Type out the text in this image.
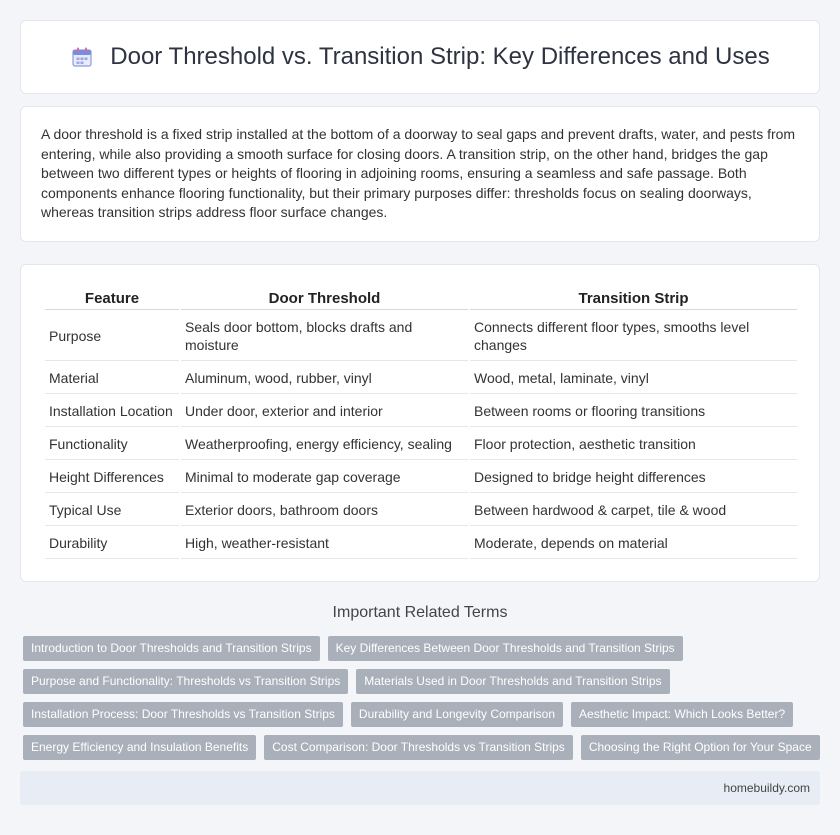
Door Threshold vs. Transition Strip: Key Differences and Uses

A door threshold is a fixed strip installed at the bottom of a doorway to seal gaps and prevent drafts, water, and pests from entering, while also providing a smooth surface for closing doors. A transition strip, on the other hand, bridges the gap between two different types or heights of flooring in adjoining rooms, ensuring a seamless and safe passage. Both components enhance flooring functionality, but their primary purposes differ: thresholds focus on sealing doorways, whereas transition strips address floor surface changes.

Feature	Door Threshold	Transition Strip
Purpose	Seals door bottom, blocks drafts and moisture	Connects different floor types, smooths level changes
Material	Aluminum, wood, rubber, vinyl	Wood, metal, laminate, vinyl
Installation Location	Under door, exterior and interior	Between rooms or flooring transitions
Functionality	Weatherproofing, energy efficiency, sealing	Floor protection, aesthetic transition
Height Differences	Minimal to moderate gap coverage	Designed to bridge height differences
Typical Use	Exterior doors, bathroom doors	Between hardwood & carpet, tile & wood
Durability	High, weather-resistant	Moderate, depends on material
Important Related Terms
Introduction to Door Thresholds and Transition Strips	Key Differences Between Door Thresholds and Transition Strips
Purpose and Functionality: Thresholds vs Transition Strips	Materials Used in Door Thresholds and Transition Strips
Installation Process: Door Thresholds vs Transition Strips	Durability and Longevity Comparison	Aesthetic Impact: Which Looks Better?
Energy Efficiency and Insulation Benefits	Cost Comparison: Door Thresholds vs Transition Strips	Choosing the Right Option for Your Space
homebuildy.com
